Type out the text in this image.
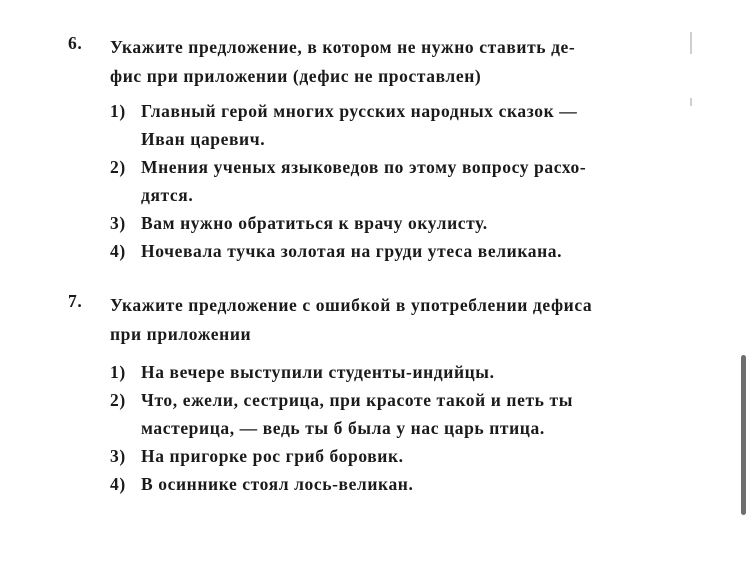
6. Укажите предложение, в котором не нужно ставить де-
фис при приложении (дефис не проставлен)
1) Главный герой многих русских народных сказок —
Иван царевич.
2) Мнения ученых языковедов по этому вопросу расхо-
дятся.
3) Вам нужно обратиться к врачу окулисту.
4) Ночевала тучка золотая на груди утеса великана.
7. Укажите предложение с ошибкой в употреблении дефиса
при приложении
1) На вечере выступили студенты-индийцы.
2) Что, ежели, сестрица, при красоте такой и петь ты
мастерица, — ведь ты б была у нас царь птица.
3) На пригорке рос гриб боровик.
4) В осиннике стоял лось-великан.
